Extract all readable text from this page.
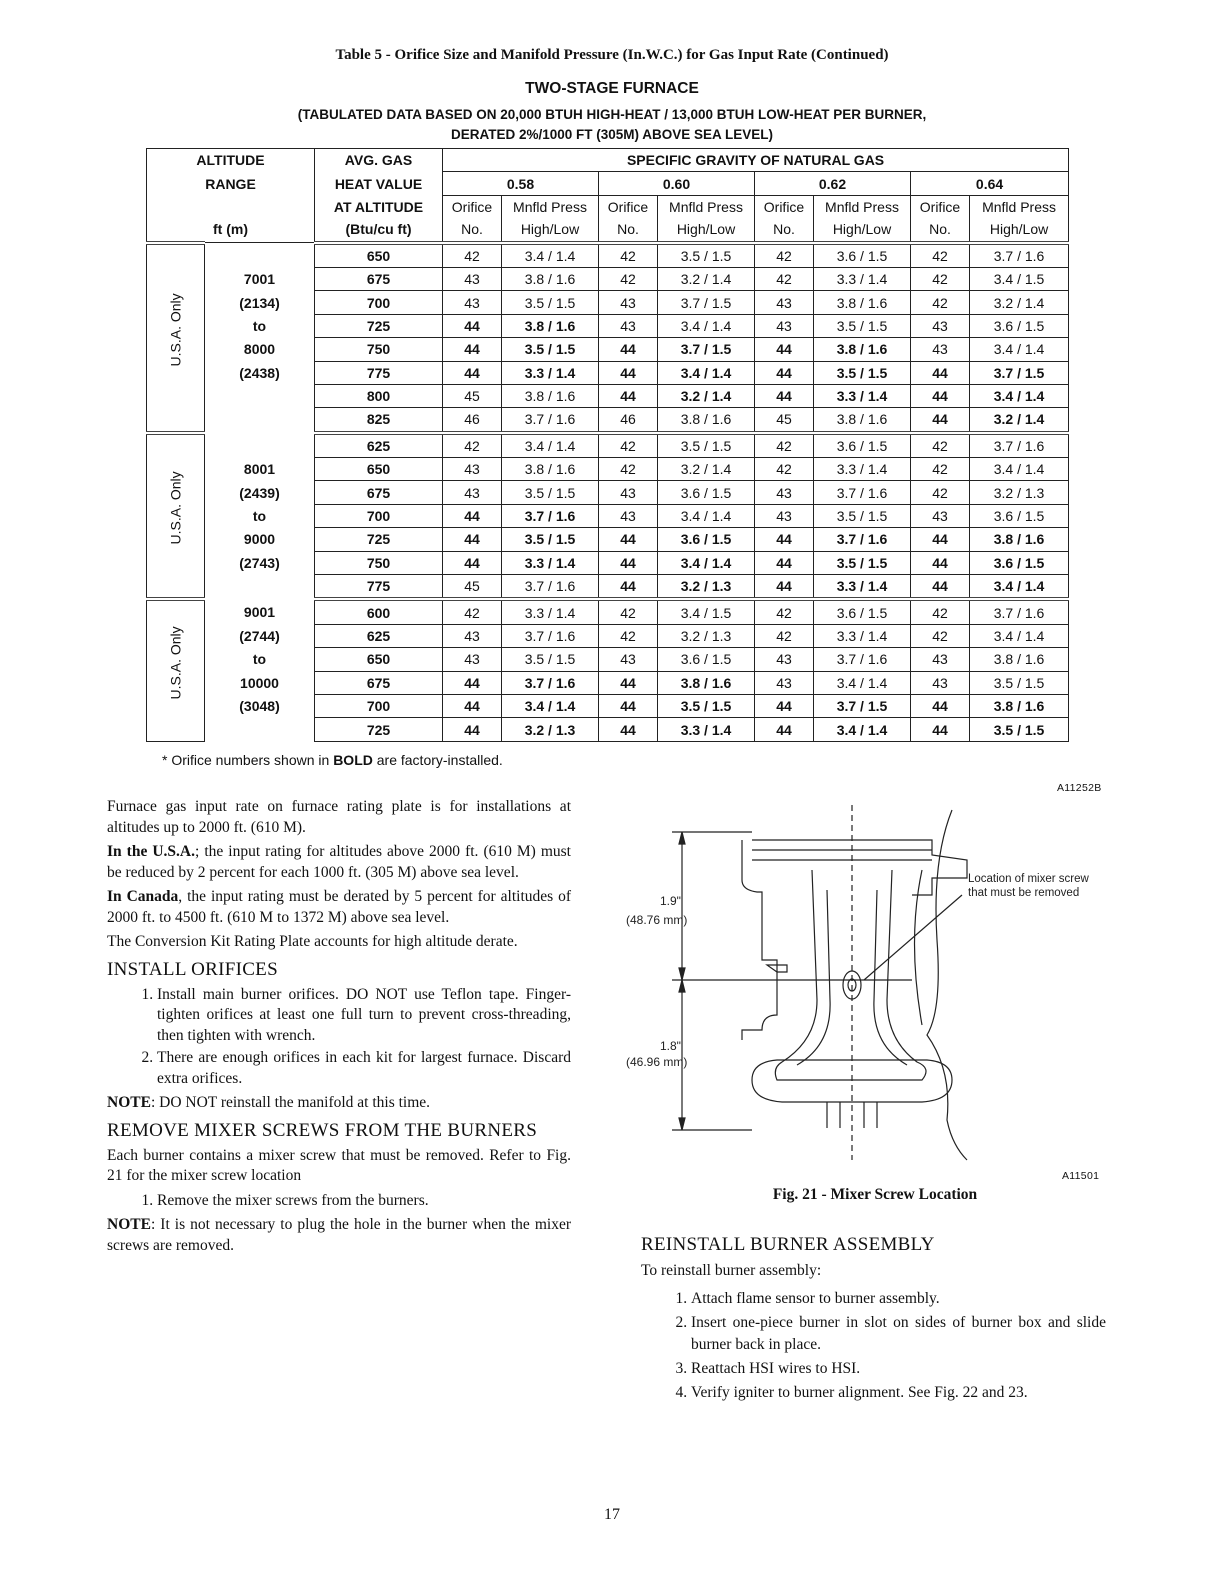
Table 5 - Orifice Size and Manifold Pressure (In.W.C.) for Gas Input Rate (Continued)
TWO-STAGE FURNACE
(TABULATED DATA BASED ON 20,000 BTUH HIGH-HEAT / 13,000 BTUH LOW-HEAT PER BURNER,
DERATED 2%/1000 FT (305M) ABOVE SEA LEVEL)
ALTITUDE		AVG. GAS	SPECIFIC GRAVITY OF NATURAL GAS							
RANGE		HEAT VALUE	0.58		0.60		0.62		0.64	
		AT ALTITUDE	Orifice	Mnfld Press	Orifice	Mnfld Press	Orifice	Mnfld Press	Orifice	Mnfld Press
ft (m)		(Btu/cu ft)	No.	High/Low	No.	High/Low	No.	High/Low	No.	High/Low

U.S.A. Only		650	42	3.4 / 1.4	42	3.5 / 1.5	42	3.6 / 1.5	42	3.7 / 1.6
	7001	675	43	3.8 / 1.6	42	3.2 / 1.4	42	3.3 / 1.4	42	3.4 / 1.5
	(2134)	700	43	3.5 / 1.5	43	3.7 / 1.5	43	3.8 / 1.6	42	3.2 / 1.4
	to	725	44	3.8 / 1.6	43	3.4 / 1.4	43	3.5 / 1.5	43	3.6 / 1.5
	8000	750	44	3.5 / 1.5	44	3.7 / 1.5	44	3.8 / 1.6	43	3.4 / 1.4
	(2438)	775	44	3.3 / 1.4	44	3.4 / 1.4	44	3.5 / 1.5	44	3.7 / 1.5
		800	45	3.8 / 1.6	44	3.2 / 1.4	44	3.3 / 1.4	44	3.4 / 1.4
		825	46	3.7 / 1.6	46	3.8 / 1.6	45	3.8 / 1.6	44	3.2 / 1.4

U.S.A. Only		625	42	3.4 / 1.4	42	3.5 / 1.5	42	3.6 / 1.5	42	3.7 / 1.6
	8001	650	43	3.8 / 1.6	42	3.2 / 1.4	42	3.3 / 1.4	42	3.4 / 1.4
	(2439)	675	43	3.5 / 1.5	43	3.6 / 1.5	43	3.7 / 1.6	42	3.2 / 1.3
	to	700	44	3.7 / 1.6	43	3.4 / 1.4	43	3.5 / 1.5	43	3.6 / 1.5
	9000	725	44	3.5 / 1.5	44	3.6 / 1.5	44	3.7 / 1.6	44	3.8 / 1.6
	(2743)	750	44	3.3 / 1.4	44	3.4 / 1.4	44	3.5 / 1.5	44	3.6 / 1.5
		775	45	3.7 / 1.6	44	3.2 / 1.3	44	3.3 / 1.4	44	3.4 / 1.4

U.S.A. Only	9001	600	42	3.3 / 1.4	42	3.4 / 1.5	42	3.6 / 1.5	42	3.7 / 1.6
	(2744)	625	43	3.7 / 1.6	42	3.2 / 1.3	42	3.3 / 1.4	42	3.4 / 1.4
	to	650	43	3.5 / 1.5	43	3.6 / 1.5	43	3.7 / 1.6	43	3.8 / 1.6
	10000	675	44	3.7 / 1.6	44	3.8 / 1.6	43	3.4 / 1.4	43	3.5 / 1.5
	(3048)	700	44	3.4 / 1.4	44	3.5 / 1.5	44	3.7 / 1.5	44	3.8 / 1.6
		725	44	3.2 / 1.3	44	3.3 / 1.4	44	3.4 / 1.4	44	3.5 / 1.5
* Orifice numbers shown in BOLD are factory-installed.
A11252B

Furnace gas input rate on furnace rating plate is for installations at altitudes up to 2000 ft. (610 M).

In the U.S.A.; the input rating for altitudes above 2000 ft. (610 M) must be reduced by 2 percent for each 1000 ft. (305 M) above sea level.

In Canada, the input rating must be derated by 5 percent for altitudes of 2000 ft. to 4500 ft. (610 M to 1372 M) above sea level.

The Conversion Kit Rating Plate accounts for high altitude derate.

INSTALL ORIFICES
1. Install main burner orifices. DO NOT use Teflon tape. Finger-tighten orifices at least one full turn to prevent cross-threading, then tighten with wrench.
2. There are enough orifices in each kit for largest furnace. Discard extra orifices.

NOTE: DO NOT reinstall the manifold at this time.

REMOVE MIXER SCREWS FROM THE BURNERS

Each burner contains a mixer screw that must be removed. Refer to Fig. 21 for the mixer screw location

1. Remove the mixer screws from the burners.

NOTE: It is not necessary to plug the hole in the burner when the mixer screws are removed.

1.9"
(48.76 mm)
1.8"
(46.96 mm)
Location of mixer screw
that must be removed
A11501
Fig. 21 - Mixer Screw Location
REINSTALL BURNER ASSEMBLY

To reinstall burner assembly:

1. Attach flame sensor to burner assembly.
2. Insert one-piece burner in slot on sides of burner box and slide burner back in place.
3. Reattach HSI wires to HSI.
4. Verify igniter to burner alignment. See Fig. 22 and 23.
17
